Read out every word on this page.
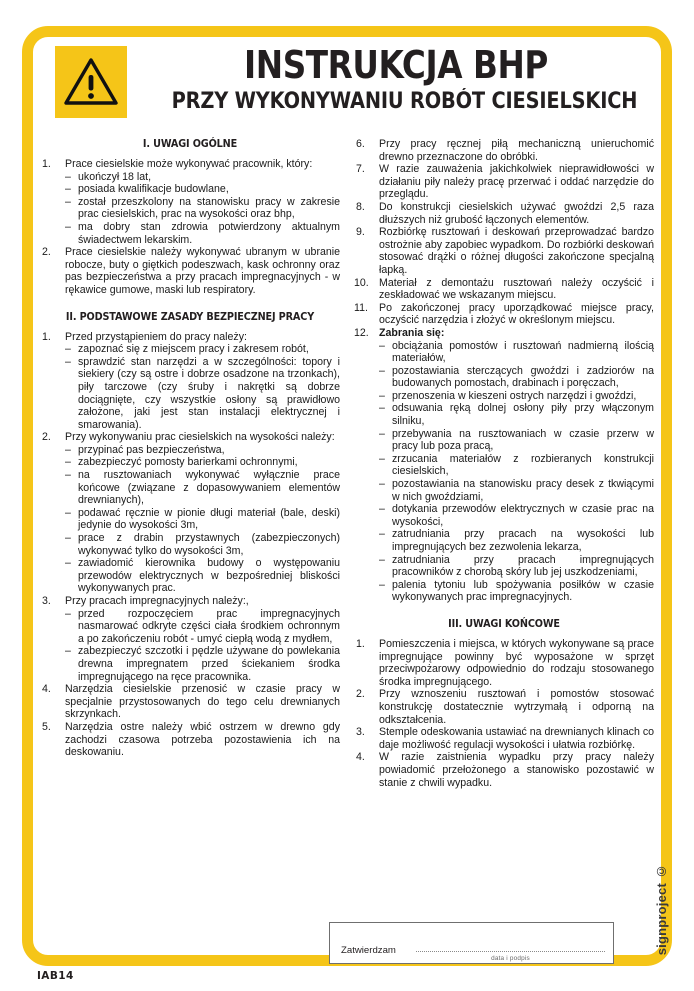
INSTRUKCJA BHP
PRZY WYKONYWANIU ROBÓT CIESIELSKICH
I. UWAGI OGÓLNE
1.	Prace ciesielskie może wykonywać pracownik, który:
– ukończył 18 lat,
– posiada kwalifikacje budowlane,
– został przeszkolony na stanowisku pracy w zakresie prac ciesielskich, prac na wysokości oraz bhp,
– ma dobry stan zdrowia potwierdzony aktualnym świadectwem lekarskim.
2.	Prace ciesielskie należy wykonywać ubranym w ubranie robocze, buty o giętkich podeszwach, kask ochronny oraz pas bezpieczeństwa a przy pracach impregnacyjnych - w rękawice gumowe, maski lub respiratory.
II. PODSTAWOWE ZASADY BEZPIECZNEJ PRACY
1.	Przed przystąpieniem do pracy należy:
– zapoznać się z miejscem pracy i zakresem robót,
– sprawdzić stan narzędzi a w szczególności: topory i siekiery (czy są ostre i dobrze osadzone na trzonkach), piły tarczowe (czy śruby i nakrętki są dobrze dociągnięte, czy wszystkie osłony są prawidłowo założone, jaki jest stan instalacji elektrycznej i smarowania).
2.	Przy wykonywaniu prac ciesielskich na wysokości należy:
– przypinać pas bezpieczeństwa,
– zabezpieczyć pomosty barierkami ochronnymi,
– na rusztowaniach wykonywać wyłącznie prace końcowe (związane z dopasowywaniem elementów drewnianych),
– podawać ręcznie w pionie długi materiał (bale, deski) jedynie do wysokości 3m,
– prace z drabin przystawnych (zabezpieczonych) wykonywać tylko do wysokości 3m,
– zawiadomić kierownika budowy o występowaniu przewodów elektrycznych w bezpośredniej bliskości wykonywanych prac.
3.	Przy pracach impregnacyjnych należy:,
– przed rozpoczęciem prac impregnacyjnych nasmarować odkryte części ciała środkiem ochronnym a po zakończeniu robót - umyć ciepłą wodą z mydłem,
– zabezpieczyć szczotki i pędzle używane do powlekania drewna impregnatem przed ściekaniem środka impregnującego na ręce pracownika.
4.	Narzędzia ciesielskie przenosić w czasie pracy w specjalnie przystosowanych do tego celu drewnianych skrzynkach.
5.	Narzędzia ostre należy wbić ostrzem w drewno gdy zachodzi czasowa potrzeba pozostawienia ich na deskowaniu.
6.	Przy pracy ręcznej piłą mechaniczną unieruchomić drewno przeznaczone do obróbki.
7.	W razie zauważenia jakichkolwiek nieprawidłowości w działaniu piły należy pracę przerwać i oddać narzędzie do przeglądu.
8.	Do konstrukcji ciesielskich używać gwoździ 2,5 raza dłuższych niż grubość łączonych elementów.
9.	Rozbiórkę rusztowań i deskowań przeprowadzać bardzo ostrożnie aby zapobiec wypadkom. Do rozbiórki deskowań stosować drążki o różnej długości zakończone specjalną łapką.
10. Materiał z demontażu rusztowań należy oczyścić i zeskładować we wskazanym miejscu.
11.	Po zakończonej pracy uporządkować miejsce pracy, oczyścić narzędzia i złożyć w określonym miejscu.
12. Zabrania się:
– obciążania pomostów i rusztowań nadmierną ilością materiałów,
– pozostawiania sterczących gwoździ i zadziorów na budowanych pomostach, drabinach i poręczach,
– przenoszenia w kieszeni ostrych narzędzi i gwoździ,
– odsuwania ręką dolnej osłony piły przy włączonym silniku,
– przebywania na rusztowaniach w czasie przerw w pracy lub poza pracą,
– zrzucania materiałów z rozbieranych konstrukcji ciesielskich,
– pozostawiania na stanowisku pracy desek z tkwiącymi w nich gwoździami,
– dotykania przewodów elektrycznych w czasie prac na wysokości,
– zatrudniania przy pracach na wysokości lub impregnujących bez zezwolenia lekarza,
– zatrudniania przy pracach impregnujących pracowników z chorobą skóry lub jej uszkodzeniami,
– palenia tytoniu lub spożywania posiłków w czasie wykonywanych prac impregnacyjnych.
III. UWAGI KOŃCOWE
1.	Pomieszczenia i miejsca, w których wykonywane są prace impregnujące powinny być wyposażone w sprzęt przeciwpożarowy odpowiednio do rodzaju stosowanego środka impregnującego.
2.	Przy wznoszeniu rusztowań i pomostów stosować konstrukcję dostatecznie wytrzymałą i odporną na odkształcenia.
3.	Stemple odeskowania ustawiać na drewnianych klinach co daje możliwość regulacji wysokości i ułatwia rozbiórkę.
4.	W razie zaistnienia wypadku przy pracy należy powiadomić przełożonego a stanowisko pozostawić w stanie z chwili wypadku.
Zatwierdzam
data i podpis
signproject ©
IAB14
